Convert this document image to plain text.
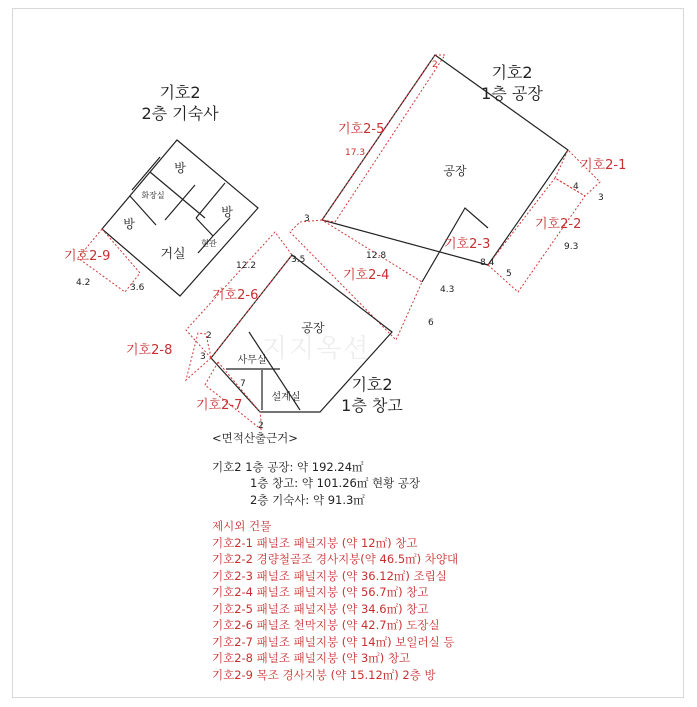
지지옥션
기호2
2층 기숙사
방
화장실
방
방
거실
현관
기호2
1층 공장
공장
기호2
1층 창고
공장
사무실
설계실
기호2-5
기호2-1
기호2-2
기호2-3
기호2-4
기호2-6
기호2-8
기호2-7
기호2-9
2
17.3
3
12.2
3.5	12.8
4
3
9.3
8.4
5
4.3
6
2
3
7
2
4.2	3.6
<면적산출근거>
기호2 1층 공장: 약 192.24㎡
1층 창고: 약 101.26㎡ 현황 공장
2층 기숙사: 약 91.3㎡
제시외 건물
기호2-1 패널조 패널지붕 (약 12㎡) 창고
기호2-2 경량철골조 경사지붕(약 46.5㎡) 차양대
기호2-3 패널조 패널지붕 (약 36.12㎡) 조립실
기호2-4 패널조 패널지붕 (약 56.7㎡) 창고
기호2-5 패널조 패널지붕 (약 34.6㎡) 창고
기호2-6 패널조 천막지붕 (약 42.7㎡) 도장실
기호2-7 패널조 패널지붕 (약 14㎡) 보일러실 등
기호2-8 패널조 패널지붕 (약 3㎡) 창고
기호2-9 목조 경사지붕 (약 15.12㎡) 2층 방
